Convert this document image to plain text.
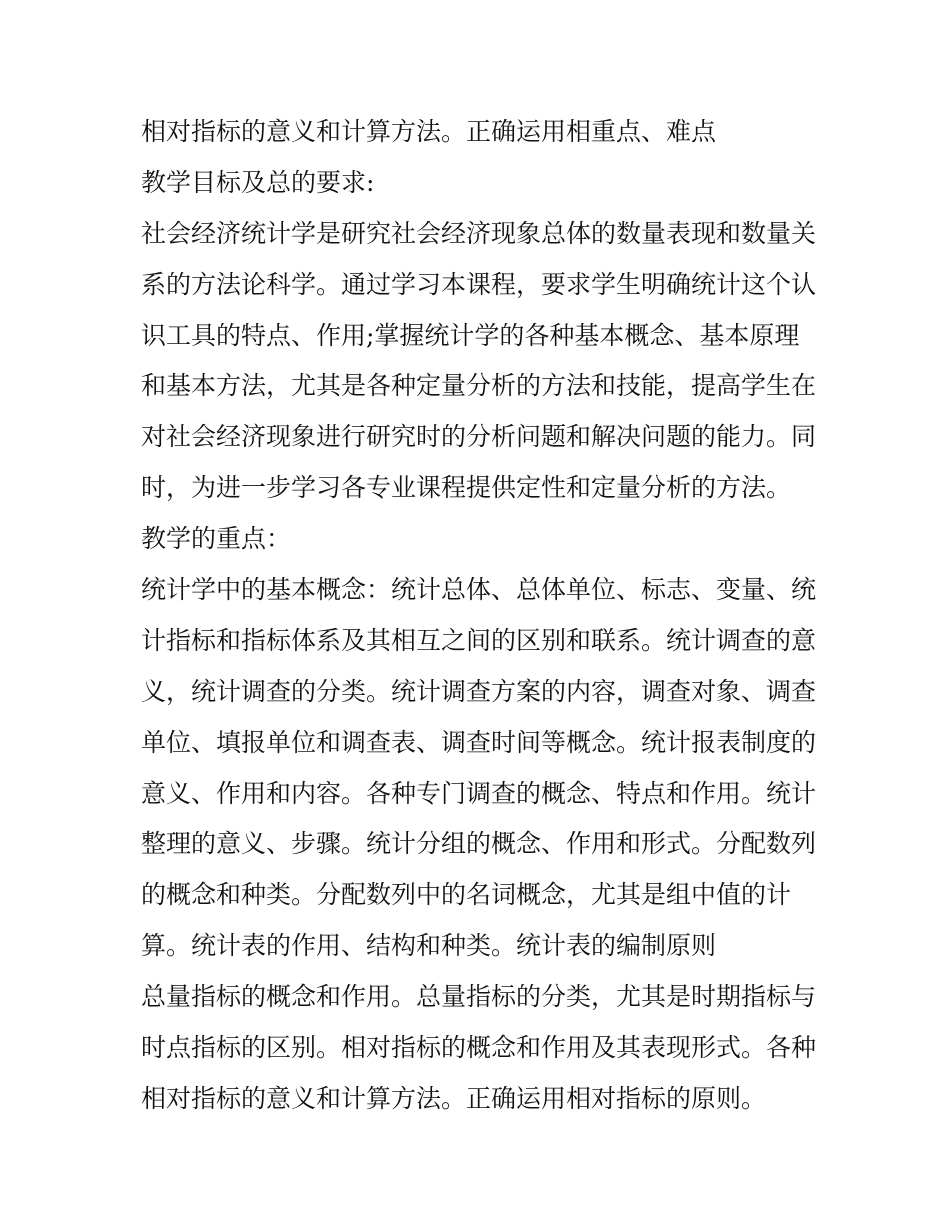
相对指标的意义和计算方法。正确运用相重点、难点
教学目标及总的要求:
社会经济统计学是研究社会经济现象总体的数量表现和数量关
系的方法论科学。通过学习本课程，要求学生明确统计这个认
识工具的特点、作用;掌握统计学的各种基本概念、基本原理
和基本方法，尤其是各种定量分析的方法和技能，提高学生在
对社会经济现象进行研究时的分析问题和解决问题的能力。同
时，为进一步学习各专业课程提供定性和定量分析的方法。
教学的重点：
统计学中的基本概念：统计总体、总体单位、标志、变量、统
计指标和指标体系及其相互之间的区别和联系。统计调查的意
义，统计调查的分类。统计调查方案的内容，调查对象、调查
单位、填报单位和调查表、调查时间等概念。统计报表制度的
意义、作用和内容。各种专门调查的概念、特点和作用。统计
整理的意义、步骤。统计分组的概念、作用和形式。分配数列
的概念和种类。分配数列中的名词概念，尤其是组中值的计
算。统计表的作用、结构和种类。统计表的编制原则
总量指标的概念和作用。总量指标的分类，尤其是时期指标与
时点指标的区别。相对指标的概念和作用及其表现形式。各种
相对指标的意义和计算方法。正确运用相对指标的原则。
